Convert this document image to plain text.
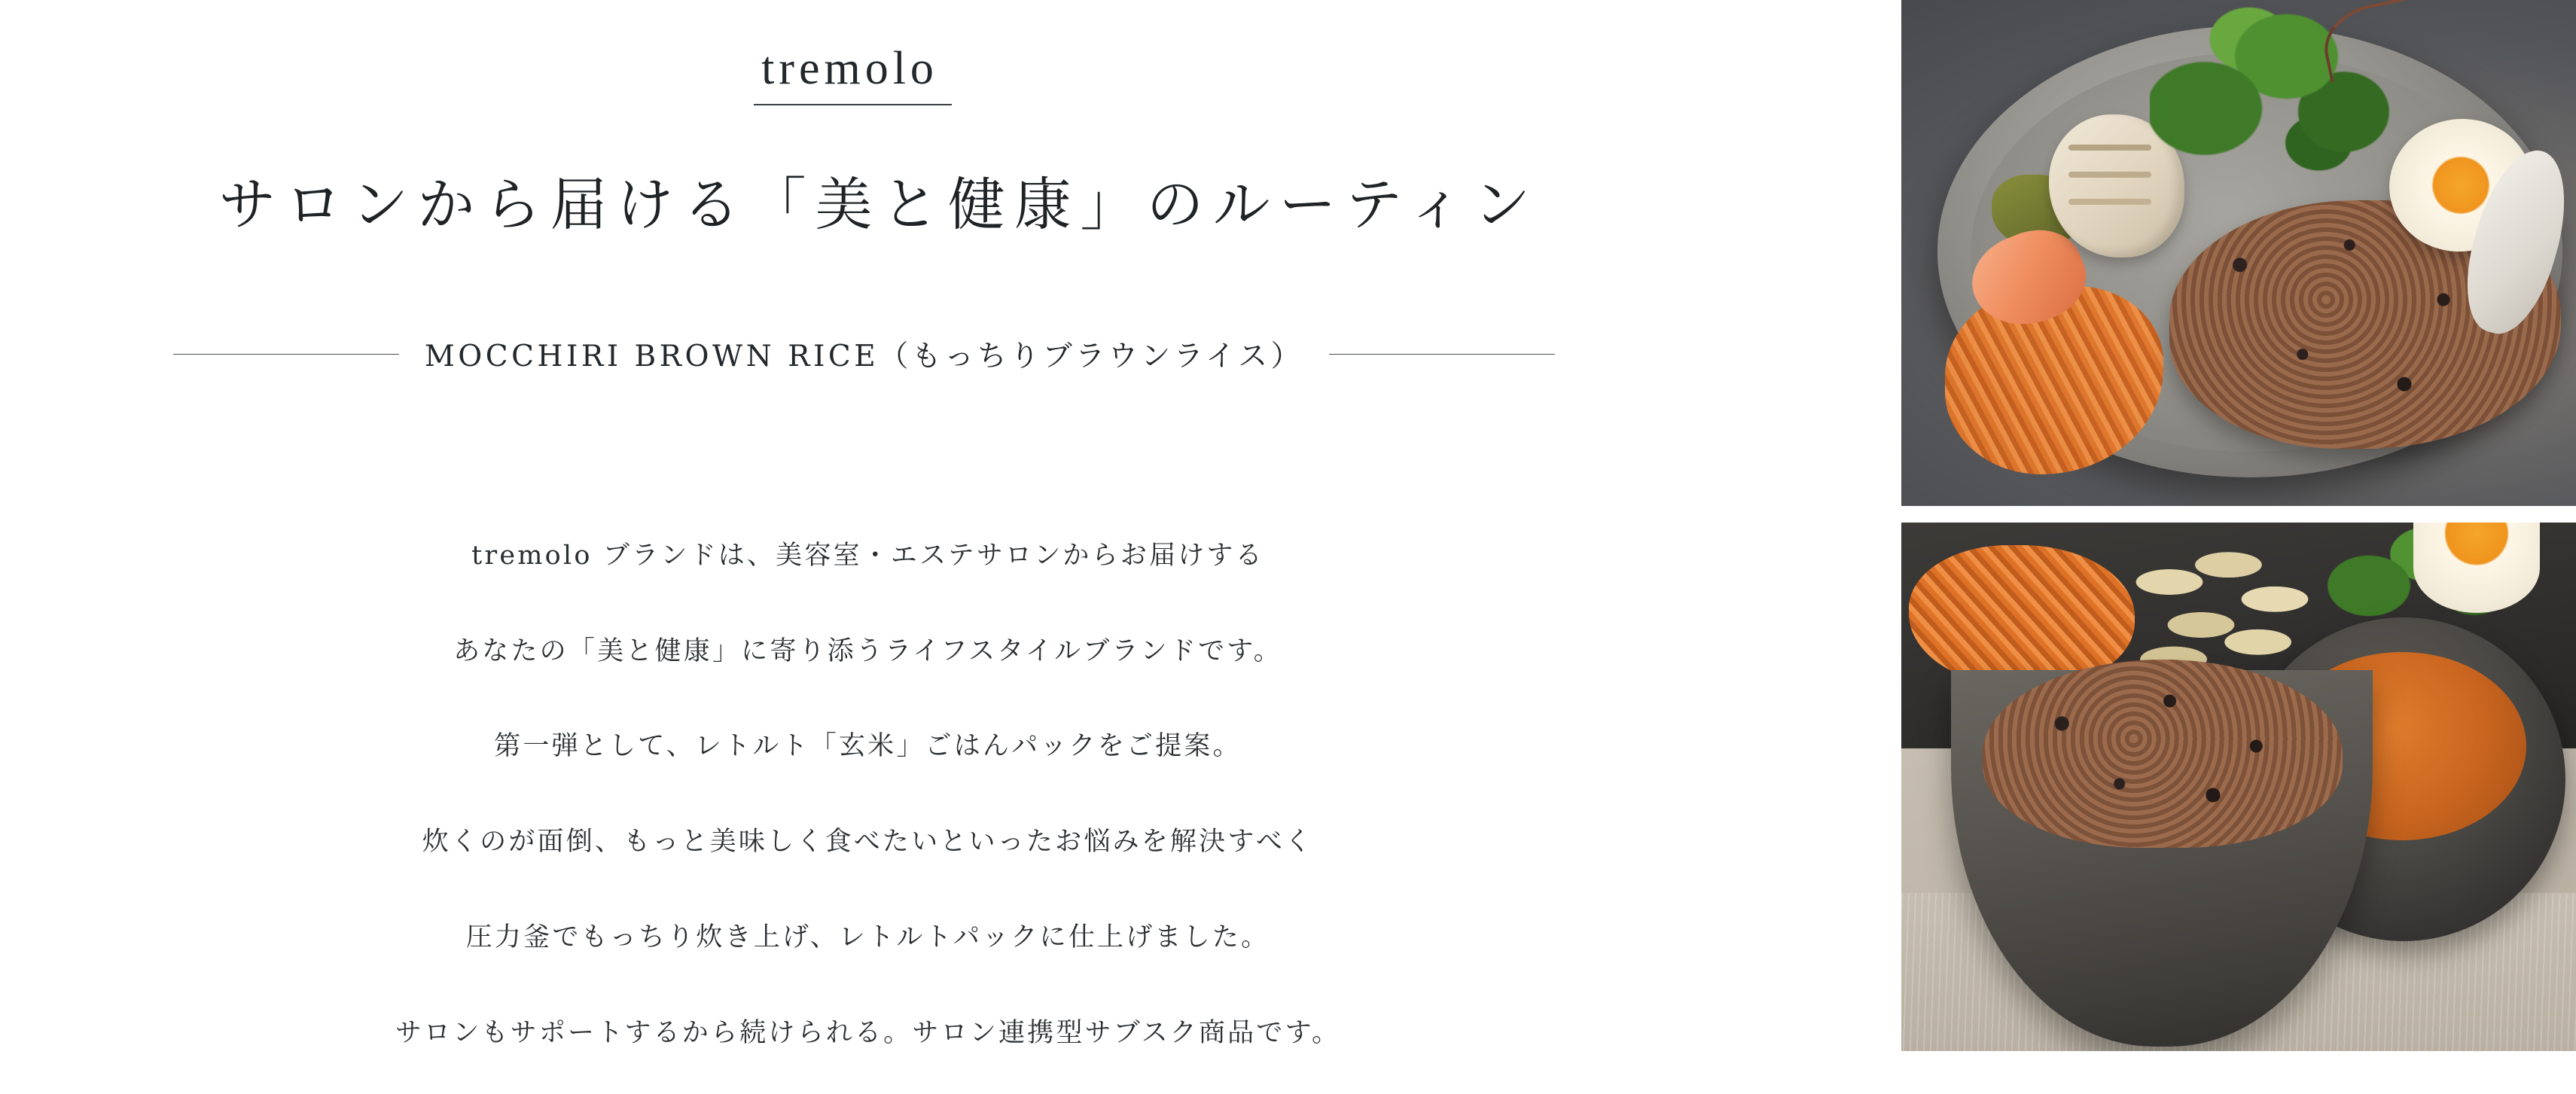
tremolo
サロンから届ける「美と健康」のルーティン
MOCCHIRI BROWN RICE（もっちりブラウンライス）

tremolo ブランドは、美容室・エステサロンからお届けする

あなたの「美と健康」に寄り添うライフスタイルブランドです。

第一弾として、レトルト「玄米」ごはんパックをご提案。

炊くのが面倒、もっと美味しく食べたいといったお悩みを解決すべく

圧力釜でもっちり炊き上げ、レトルトパックに仕上げました。

サロンもサポートするから続けられる。サロン連携型サブスク商品です。
